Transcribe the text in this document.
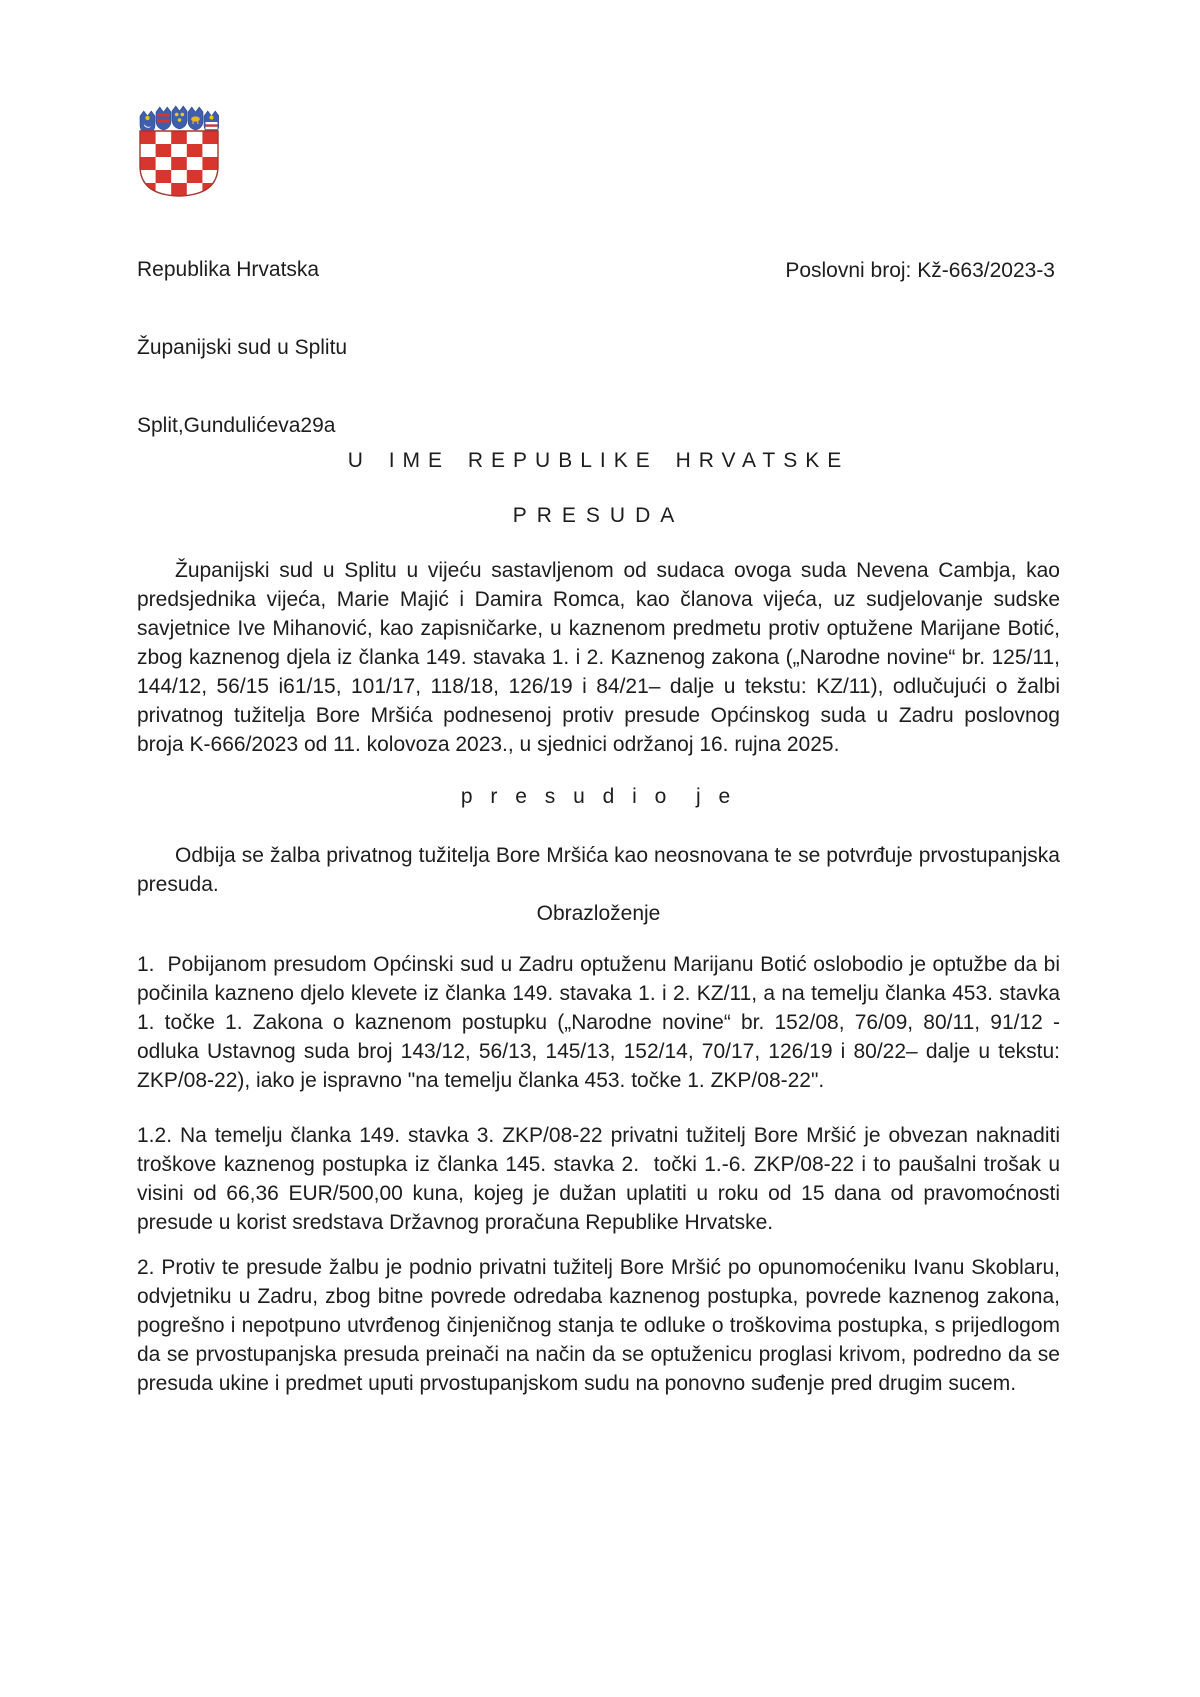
Republika Hrvatska

Županijski sud u Splitu

Split,Gundulićeva29a

Poslovni broj: Kž-663/2023-3
U IME REPUBLIKE HRVATSKE
PRESUDA

Županijski sud u Splitu u vijeću sastavljenom od sudaca ovoga suda Nevena Cambja, kao predsjednika vijeća, Marie Majić i Damira Romca, kao članova vijeća, uz sudjelovanje sudske savjetnice Ive Mihanović, kao zapisničarke, u kaznenom predmetu protiv optužene Marijane Botić, zbog kaznenog djela iz članka 149. stavaka 1. i 2. Kaznenog zakona („Narodne novine“ br. 125/11, 144/12, 56/15 i61/15, 101/17, 118/18, 126/19 i 84/21– dalje u tekstu: KZ/11), odlučujući o žalbi privatnog tužitelja Bore Mršića podnesenoj protiv presude Općinskog suda u Zadru poslovnog broja K-666/2023 od 11. kolovoza 2023., u sjednici održanoj 16. rujna 2025.

p r e s u d i o  j e

Odbija se žalba privatnog tužitelja Bore Mršića kao neosnovana te se potvrđuje prvostupanjska presuda.

Obrazloženje

1.  Pobijanom presudom Općinski sud u Zadru optuženu Marijanu Botić oslobodio je optužbe da bi počinila kazneno djelo klevete iz članka 149. stavaka 1. i 2. KZ/11, a na temelju članka 453. stavka 1. točke 1. Zakona o kaznenom postupku („Narodne novine“ br. 152/08, 76/09, 80/11, 91/12 - odluka Ustavnog suda broj 143/12, 56/13, 145/13, 152/14, 70/17, 126/19 i 80/22– dalje u tekstu: ZKP/08-22), iako je ispravno "na temelju članka 453. točke 1. ZKP/08-22".

1.2. Na temelju članka 149. stavka 3. ZKP/08-22 privatni tužitelj Bore Mršić je obvezan naknaditi troškove kaznenog postupka iz članka 145. stavka 2.  točki 1.-6. ZKP/08-22 i to paušalni trošak u visini od 66,36 EUR/500,00 kuna, kojeg je dužan uplatiti u roku od 15 dana od pravomoćnosti presude u korist sredstava Državnog proračuna Republike Hrvatske.

2. Protiv te presude žalbu je podnio privatni tužitelj Bore Mršić po opunomoćeniku Ivanu Skoblaru, odvjetniku u Zadru, zbog bitne povrede odredaba kaznenog postupka, povrede kaznenog zakona, pogrešno i nepotpuno utvrđenog činjeničnog stanja te odluke o troškovima postupka, s prijedlogom da se prvostupanjska presuda preinači na način da se optuženicu proglasi krivom, podredno da se presuda ukine i predmet uputi prvostupanjskom sudu na ponovno suđenje pred drugim sucem.
